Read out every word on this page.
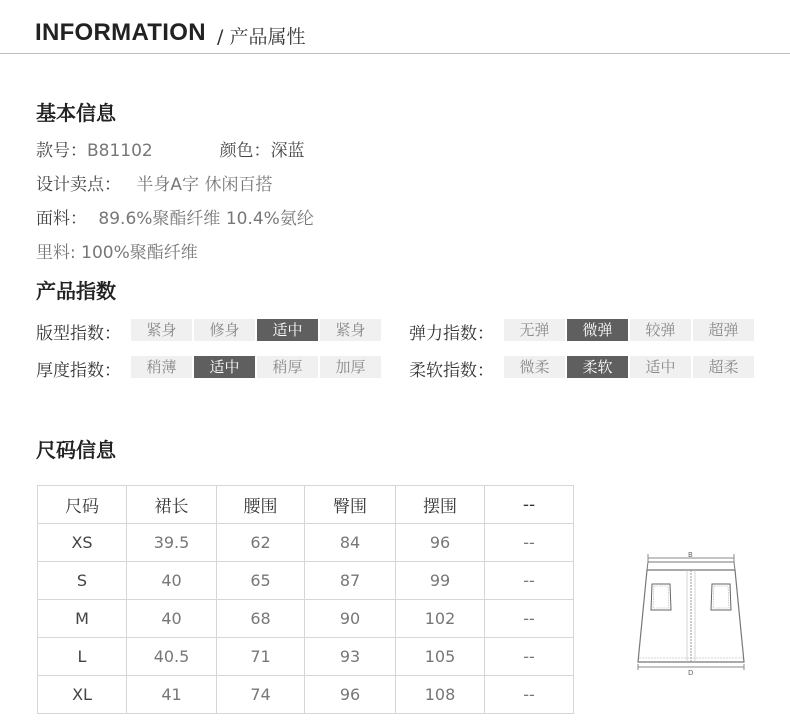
INFORMATION / 产品属性
基本信息
款号：B81102	颜色：深蓝
设计卖点： 半身A字 休闲百搭
面料： 89.6%聚酯纤维 10.4%氨纶
里料: 100%聚酯纤维
产品指数
版型指数：	紧身	修身	适中	紧身	弹力指数：	无弹	微弹	较弹	超弹
厚度指数：	稍薄	适中	稍厚	加厚	柔软指数：	微柔	柔软	适中	超柔
尺码信息
尺码	裙长	腰围	臀围	摆围	--
XS	39.5	62	84	96	--
S	40	65	87	99	--
M	40	68	90	102	--
L	40.5	71	93	105	--
XL	41	74	96	108	--
B
D
